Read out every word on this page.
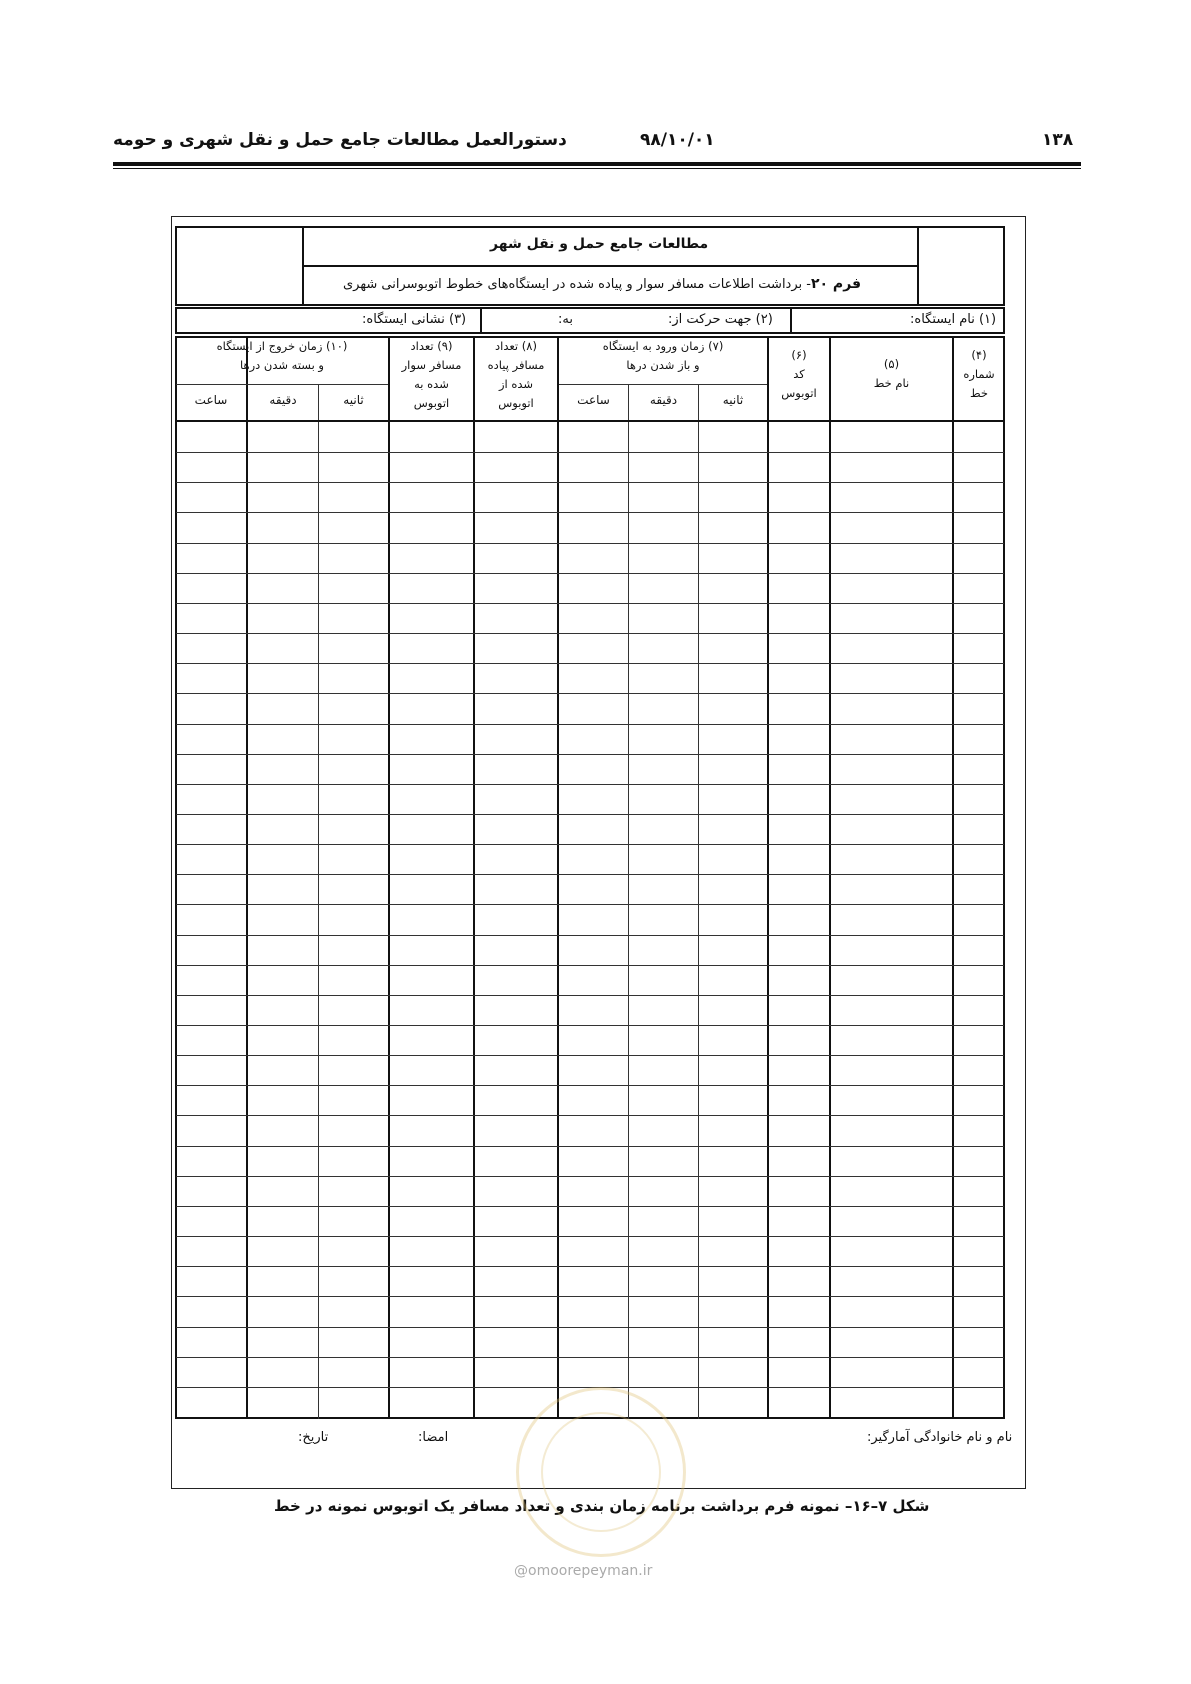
۱۳۸
۹۸/۱۰/۰۱
دستورالعمل مطالعات جامع حمل و نقل شهری و حومه
مطالعات جامع حمل و نقل شهر
فرم ۲۰- برداشت اطلاعات مسافر سوار و پیاده شده در ایستگاه‌های خطوط اتوبوسرانی شهری
(۱) نام ایستگاه:
(۲) جهت حرکت از:
به:
(۳) نشانی ایستگاه:
(۴)
شماره
خط
(۵)
نام خط
(۶)
کد
اتوبوس
(۷) زمان ورود به ایستگاه
و باز شدن درها
(۸) تعداد
مسافر پیاده
شده از
اتوبوس
(۹) تعداد
مسافر سوار
شده به
اتوبوس
(۱۰) زمان خروج از ایستگاه
و بسته شدن درها
ثانیه
دقیقه
ساعت
ثانیه
دقیقه
ساعت
نام و نام خانوادگی آمارگیر:
امضا:
تاریخ:
شکل ۷–۱۶– نمونه فرم برداشت برنامه زمان بندی و تعداد مسافر یک اتوبوس نمونه در خط
@omoorepeyman.ir
